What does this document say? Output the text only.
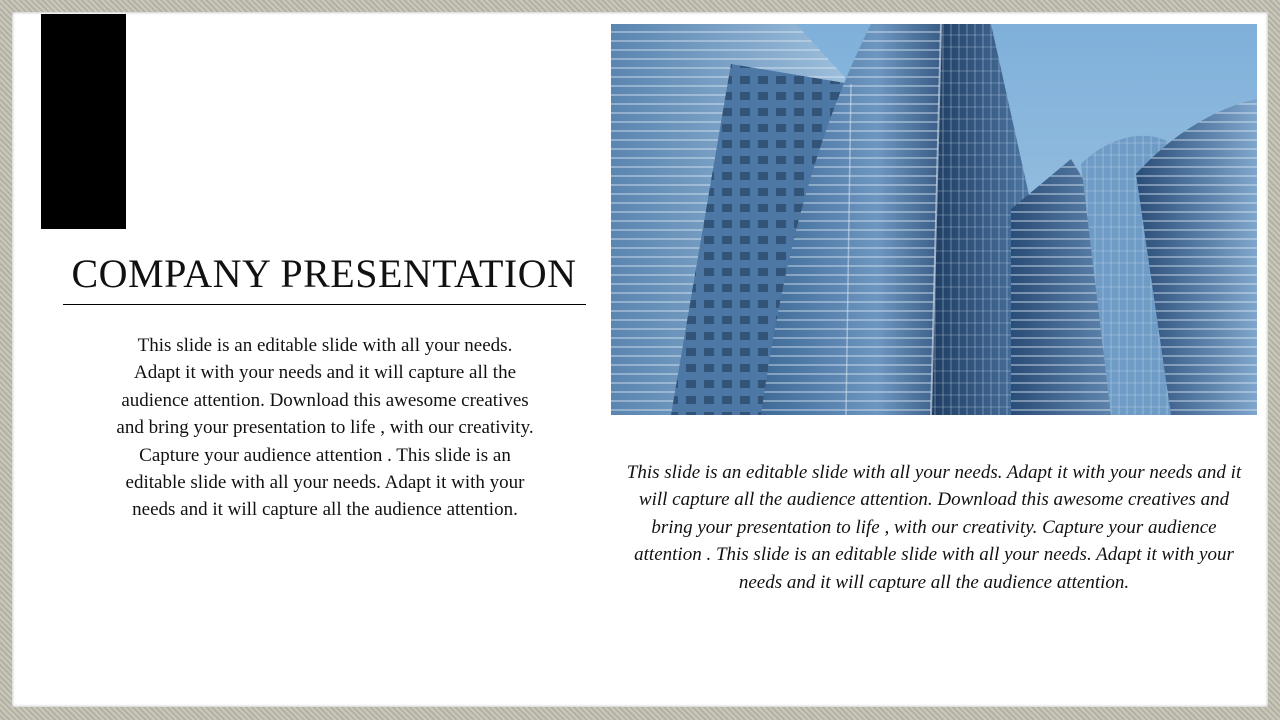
COMPANY PRESENTATION
This slide is an editable slide with all your needs. Adapt it with your needs and it will capture all the audience attention. Download this awesome creatives and bring your presentation to life , with our creativity. Capture your audience attention . This slide is an editable slide with all your needs. Adapt it with your needs and it will capture all the audience attention.
This slide is an editable slide with all your needs. Adapt it with your needs and it will capture all the audience attention. Download this awesome creatives and bring your presentation to life , with our creativity. Capture your audience attention . This slide is an editable slide with all your needs. Adapt it with your needs and it will capture all the audience attention.
